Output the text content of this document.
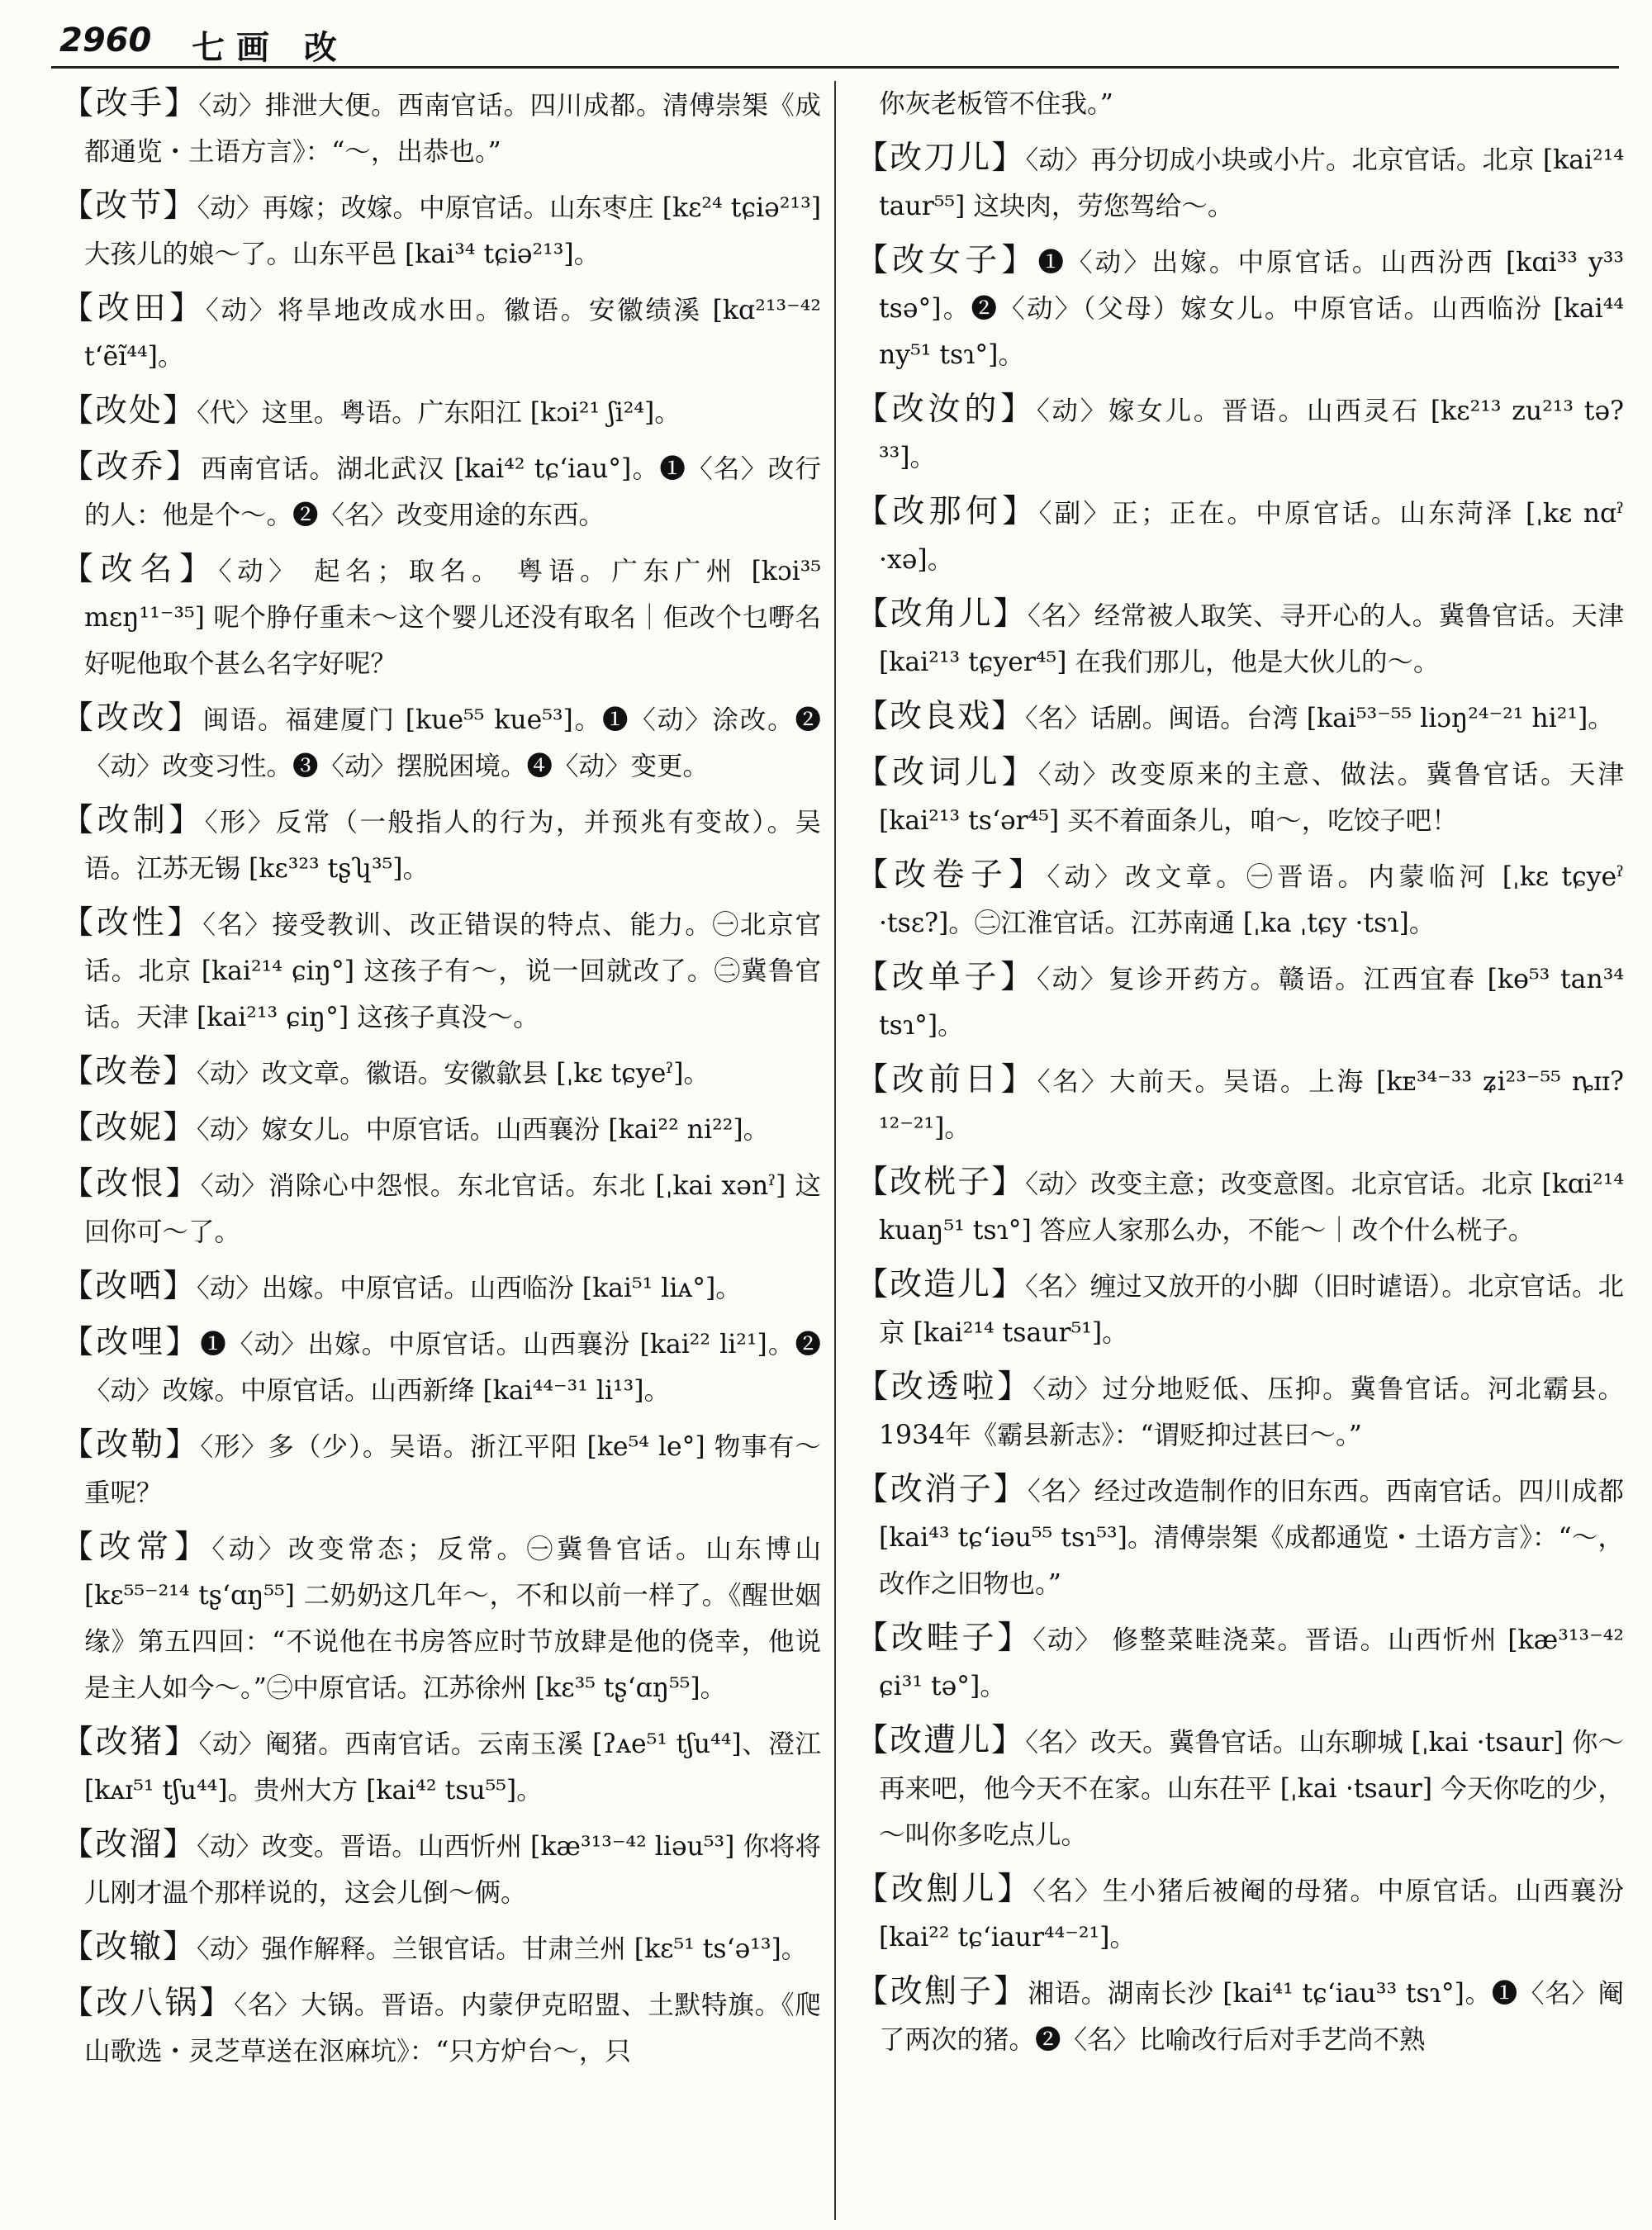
2960 七画 改

【改手】〈动〉排泄大便。西南官话。四川成都。清傅崇榘《成都通览・土语方言》：“～，出恭也。”

【改节】〈动〉再嫁；改嫁。中原官话。山东枣庄 [kɛ²⁴ tɕiə²¹³] 大孩儿的娘～了。山东平邑 [kai³⁴ tɕiə²¹³]。

【改田】〈动〉将旱地改成水田。徽语。安徽绩溪 [kɑ²¹³⁻⁴² tʻẽĩ⁴⁴]。

【改处】〈代〉这里。粤语。广东阳江 [kɔi²¹ ʃi²⁴]。

【改乔】西南官话。湖北武汉 [kai⁴² tɕʻiau°]。❶〈名〉改行的人：他是个～。❷〈名〉改变用途的东西。

【改名】〈动〉 起名；取名。 粤语。广东广州 [kɔi³⁵ mɛŋ¹¹⁻³⁵] 呢个㬹仔重未～这个婴儿还没有取名｜佢改个乜嘢名好呢他取个甚么名字好呢？

【改改】闽语。福建厦门 [kue⁵⁵ kue⁵³]。❶〈动〉涂改。❷〈动〉改变习性。❸〈动〉摆脱困境。❹〈动〉变更。

【改制】〈形〉反常（一般指人的行为，并预兆有变故）。吴语。江苏无锡 [kɛ³²³ tʂʮ³⁵]。

【改性】〈名〉接受教训、改正错误的特点、能力。㊀北京官话。北京 [kai²¹⁴ ɕiŋ°] 这孩子有～，说一回就改了。㊁冀鲁官话。天津 [kai²¹³ ɕiŋ°] 这孩子真没～。

【改卷】〈动〉改文章。徽语。安徽歙县 [ˌkɛ tɕyeˀ]。

【改妮】〈动〉嫁女儿。中原官话。山西襄汾 [kai²² ni²²]。

【改恨】〈动〉消除心中怨恨。东北官话。东北 [ˌkai xənˀ] 这回你可～了。

【改哂】〈动〉出嫁。中原官话。山西临汾 [kai⁵¹ liᴀ°]。

【改哩】❶〈动〉出嫁。中原官话。山西襄汾 [kai²² li²¹]。❷〈动〉改嫁。中原官话。山西新绛 [kai⁴⁴⁻³¹ li¹³]。

【改勒】〈形〉多（少）。吴语。浙江平阳 [ke⁵⁴ le°] 物事有～重呢？

【改常】〈动〉改变常态；反常。㊀冀鲁官话。山东博山 [kɛ⁵⁵⁻²¹⁴ tʂʻɑŋ⁵⁵] 二奶奶这几年～，不和以前一样了。《醒世姻缘》第五四回：“不说他在书房答应时节放肆是他的侥幸，他说是主人如今～。”㊁中原官话。江苏徐州 [kɛ³⁵ tʂʻɑŋ⁵⁵]。

【改猪】〈动〉阉猪。西南官话。云南玉溪 [ʔᴀe⁵¹ tʃu⁴⁴]、澄江 [kᴀɪ⁵¹ tʃu⁴⁴]。贵州大方 [kai⁴² tsu⁵⁵]。

【改溜】〈动〉改变。晋语。山西忻州 [kæ³¹³⁻⁴² liəu⁵³] 你将将儿刚才温个那样说的，这会儿倒～俩。

【改辙】〈动〉强作解释。兰银官话。甘肃兰州 [kɛ⁵¹ tsʻə¹³]。

【改八锅】〈名〉大锅。晋语。内蒙伊克昭盟、土默特旗。《爬山歌选・灵芝草送在沤麻坑》：“只方炉台～，只

你灰老板管不住我。”

【改刀儿】〈动〉再分切成小块或小片。北京官话。北京 [kai²¹⁴ taur⁵⁵] 这块肉，劳您驾给～。

【改女子】❶〈动〉出嫁。中原官话。山西汾西 [kɑi³³ y³³ tsə°]。❷〈动〉（父母）嫁女儿。中原官话。山西临汾 [kai⁴⁴ ny⁵¹ tsɿ°]。

【改汝的】〈动〉嫁女儿。晋语。山西灵石 [kɛ²¹³ zu²¹³ tə?³³]。

【改那何】〈副〉正；正在。中原官话。山东菏泽 [ˌkɛ nɑˀ ·xə]。

【改角儿】〈名〉经常被人取笑、寻开心的人。冀鲁官话。天津 [kai²¹³ tɕyer⁴⁵] 在我们那儿，他是大伙儿的～。

【改良戏】〈名〉话剧。闽语。台湾 [kai⁵³⁻⁵⁵ liɔŋ²⁴⁻²¹ hi²¹]。

【改词儿】〈动〉改变原来的主意、做法。冀鲁官话。天津 [kai²¹³ tsʻər⁴⁵] 买不着面条儿，咱～，吃饺子吧！

【改卷子】〈动〉改文章。㊀晋语。内蒙临河 [ˌkɛ tɕyeˀ ·tsɛ?]。㊁江淮官话。江苏南通 [ˌka ˌtɕy ·tsɿ]。

【改单子】〈动〉复诊开药方。赣语。江西宜春 [kɵ⁵³ tan³⁴ tsɿ°]。

【改前日】〈名〉大前天。吴语。上海 [kᴇ³⁴⁻³³ ʑi²³⁻⁵⁵ ȵɪɪ?¹²⁻²¹]。

【改桄子】〈动〉改变主意；改变意图。北京官话。北京 [kɑi²¹⁴ kuaŋ⁵¹ tsɿ°] 答应人家那么办，不能～｜改个什么桄子。

【改造儿】〈名〉缠过又放开的小脚（旧时谑语）。北京官话。北京 [kai²¹⁴ tsaur⁵¹]。

【改透啦】〈动〉过分地贬低、压抑。冀鲁官话。河北霸县。1934年《霸县新志》：“谓贬抑过甚曰～。”

【改消子】〈名〉经过改造制作的旧东西。西南官话。四川成都 [kai⁴³ tɕʻiəu⁵⁵ tsɿ⁵³]。清傅崇榘《成都通览・土语方言》：“～，改作之旧物也。”

【改畦子】〈动〉 修整菜畦浇菜。晋语。山西忻州 [kæ³¹³⁻⁴² ɕi³¹ tə°]。

【改遭儿】〈名〉改天。冀鲁官话。山东聊城 [ˌkai ·tsaur] 你～再来吧，他今天不在家。山东茌平 [ˌkai ·tsaur] 今天你吃的少，～叫你多吃点儿。

【改劁儿】〈名〉生小猪后被阉的母猪。中原官话。山西襄汾 [kai²² tɕʻiaur⁴⁴⁻²¹]。

【改劁子】湘语。湖南长沙 [kai⁴¹ tɕʻiau³³ tsɿ°]。❶〈名〉阉了两次的猪。❷〈名〉比喻改行后对手艺尚不熟
